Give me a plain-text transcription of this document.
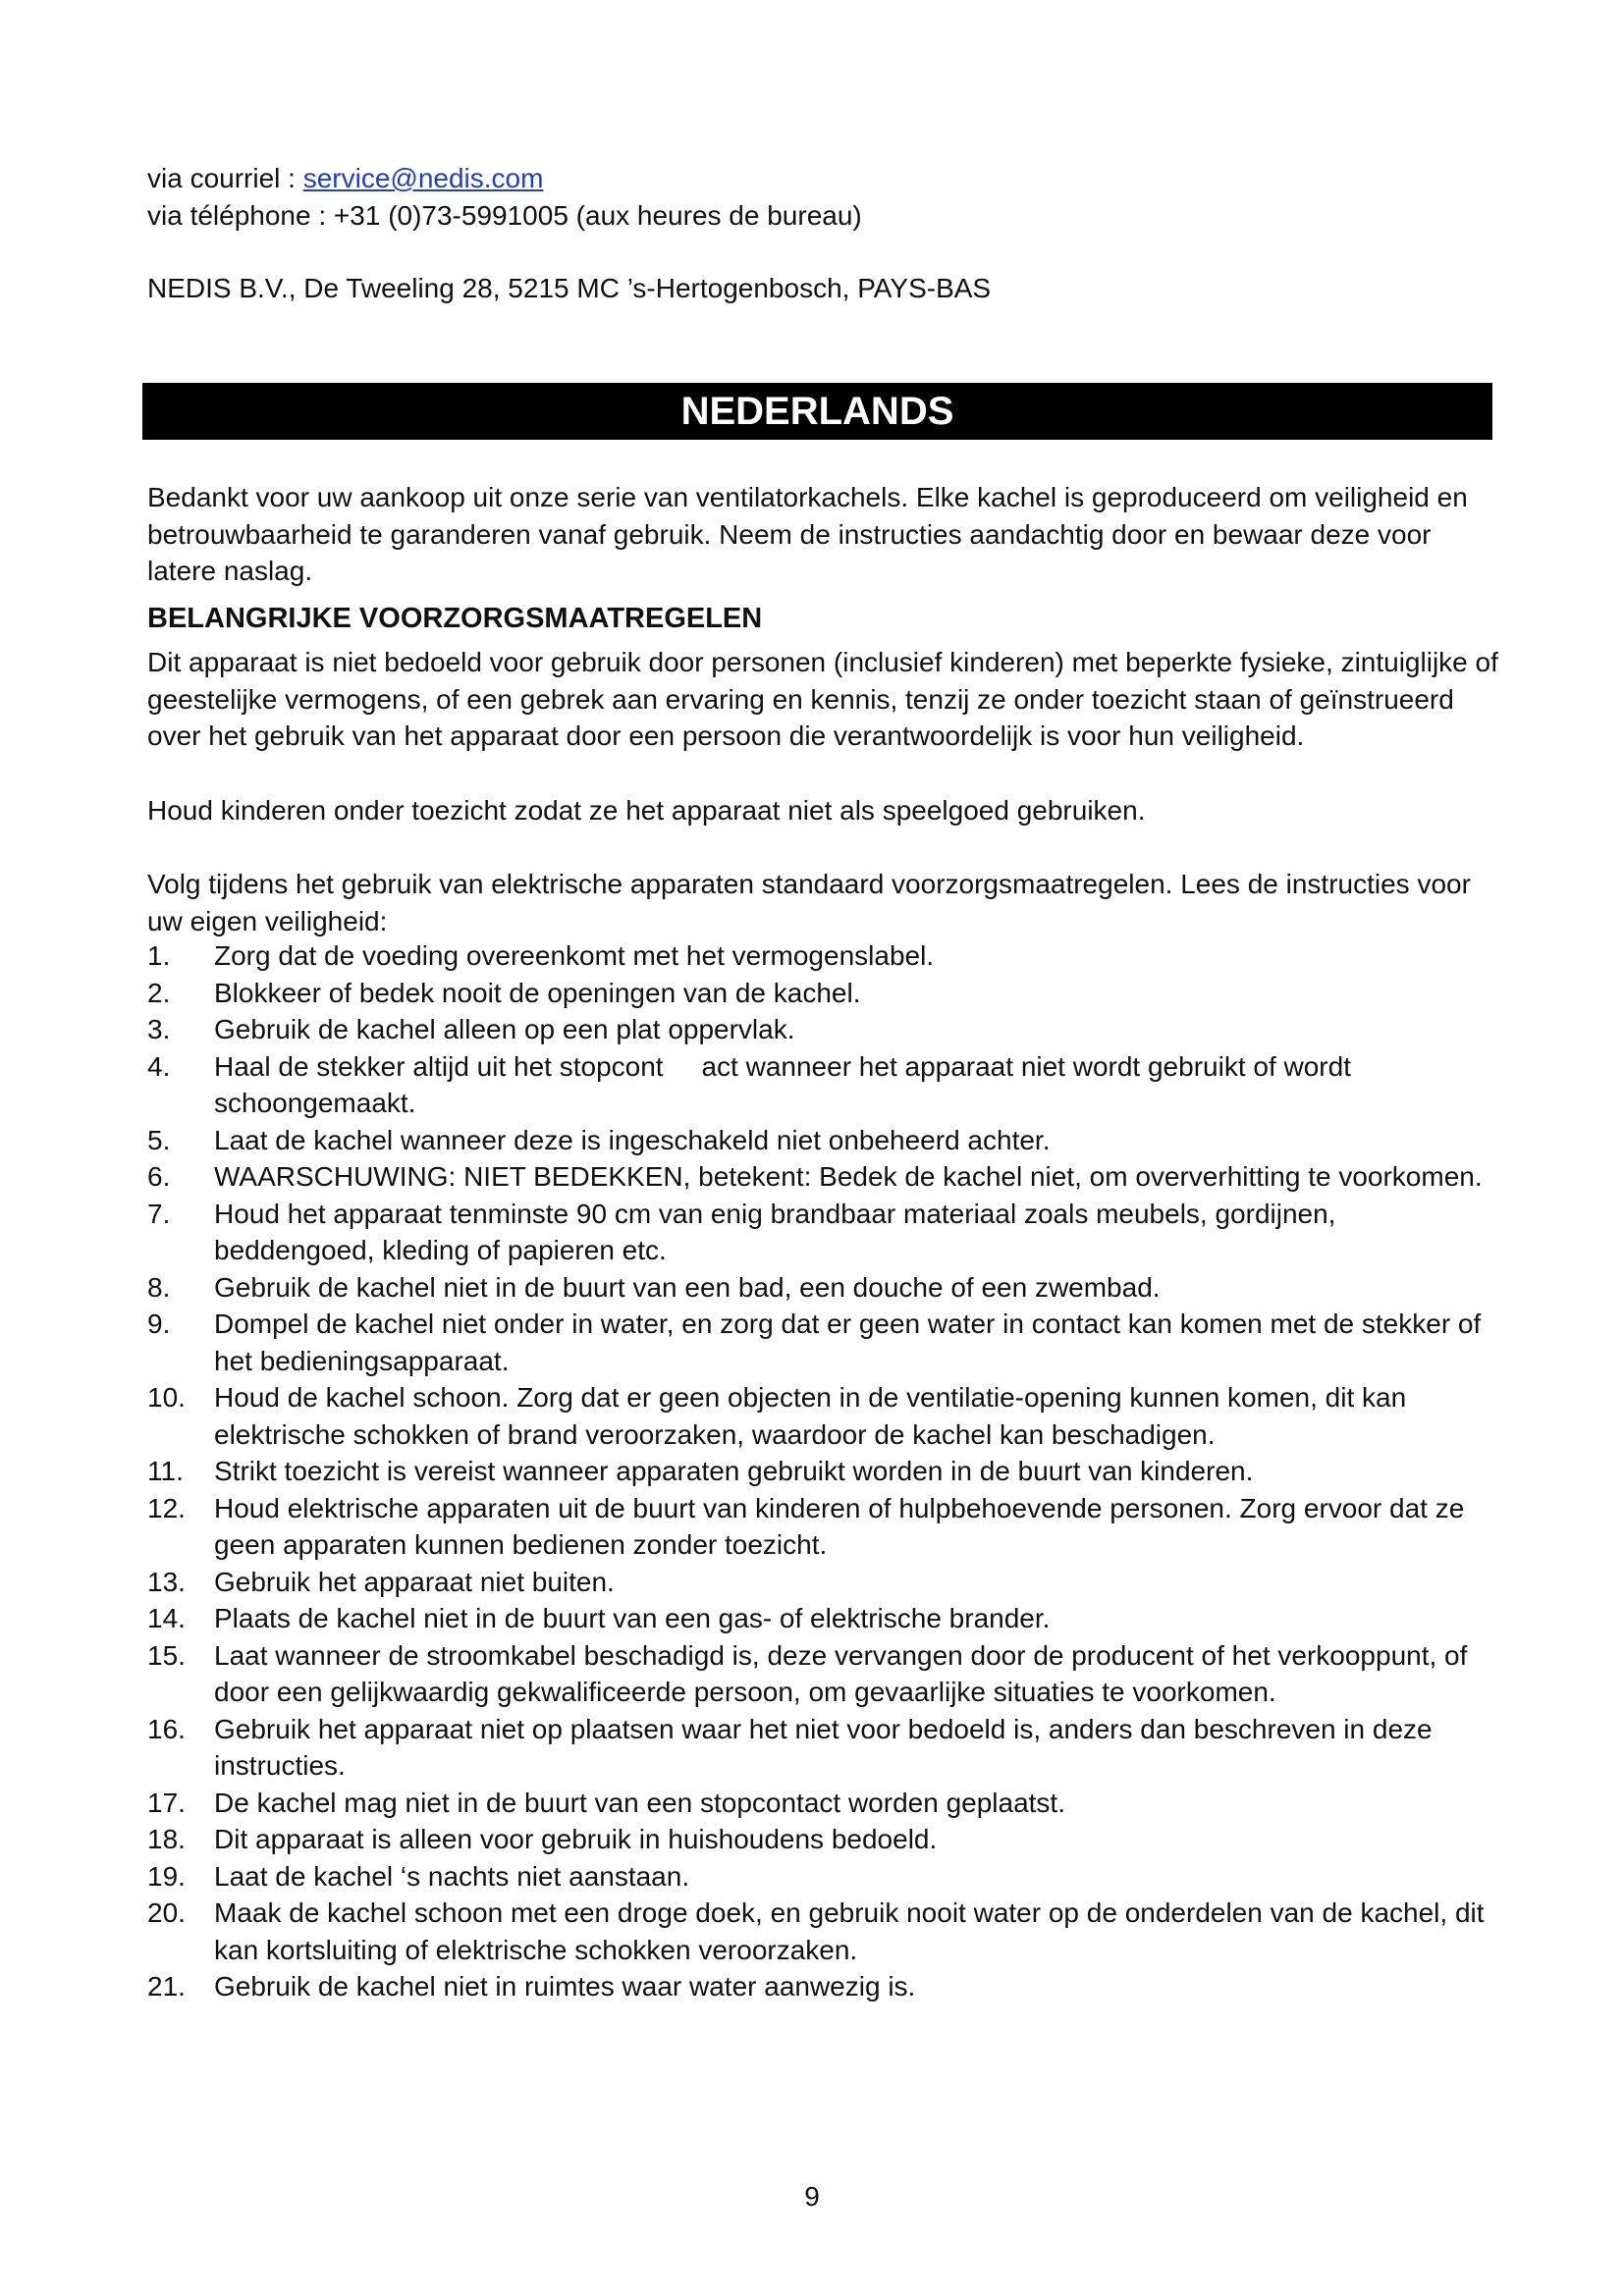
via courriel : service@nedis.com
via téléphone : +31 (0)73-5991005 (aux heures de bureau)
NEDIS B.V., De Tweeling 28, 5215 MC ’s-Hertogenbosch, PAYS-BAS
NEDERLANDS
Bedankt voor uw aankoop uit onze serie van ventilatorkachels. Elke kachel is geproduceerd om veiligheid en betrouwbaarheid te garanderen vanaf gebruik. Neem de instructies aandachtig door en bewaar deze voor latere naslag.
BELANGRIJKE VOORZORGSMAATREGELEN
Dit apparaat is niet bedoeld voor gebruik door personen (inclusief kinderen) met beperkte fysieke, zintuiglijke of geestelijke vermogens, of een gebrek aan ervaring en kennis, tenzij ze onder toezicht staan of geïnstrueerd over het gebruik van het apparaat door een persoon die verantwoordelijk is voor hun veiligheid.
Houd kinderen onder toezicht zodat ze het apparaat niet als speelgoed gebruiken.
Volg tijdens het gebruik van elektrische apparaten standaard voorzorgsmaatregelen. Lees de instructies voor uw eigen veiligheid:
1. Zorg dat de voeding overeenkomt met het vermogenslabel.
2. Blokkeer of bedek nooit de openingen van de kachel.
3. Gebruik de kachel alleen op een plat oppervlak.
4. Haal de stekker altijd uit het stopcont     act wanneer het apparaat niet wordt gebruikt of wordt schoongemaakt.
5. Laat de kachel wanneer deze is ingeschakeld niet onbeheerd achter.
6. WAARSCHUWING: NIET BEDEKKEN, betekent: Bedek de kachel niet, om oververhitting te voorkomen.
7. Houd het apparaat tenminste 90 cm van enig brandbaar materiaal zoals meubels, gordijnen, beddengoed, kleding of papieren etc.
8. Gebruik de kachel niet in de buurt van een bad, een douche of een zwembad.
9. Dompel de kachel niet onder in water, en zorg dat er geen water in contact kan komen met de stekker of het bedieningsapparaat.
10. Houd de kachel schoon. Zorg dat er geen objecten in de ventilatie-opening kunnen komen, dit kan elektrische schokken of brand veroorzaken, waardoor de kachel kan beschadigen.
11. Strikt toezicht is vereist wanneer apparaten gebruikt worden in de buurt van kinderen.
12. Houd elektrische apparaten uit de buurt van kinderen of hulpbehoevende personen. Zorg ervoor dat ze geen apparaten kunnen bedienen zonder toezicht.
13. Gebruik het apparaat niet buiten.
14. Plaats de kachel niet in de buurt van een gas- of elektrische brander.
15. Laat wanneer de stroomkabel beschadigd is, deze vervangen door de producent of het verkooppunt, of door een gelijkwaardig gekwalificeerde persoon, om gevaarlijke situaties te voorkomen.
16. Gebruik het apparaat niet op plaatsen waar het niet voor bedoeld is, anders dan beschreven in deze instructies.
17. De kachel mag niet in de buurt van een stopcontact worden geplaatst.
18. Dit apparaat is alleen voor gebruik in huishoudens bedoeld.
19. Laat de kachel ‘s nachts niet aanstaan.
20. Maak de kachel schoon met een droge doek, en gebruik nooit water op de onderdelen van de kachel, dit kan kortsluiting of elektrische schokken veroorzaken.
21. Gebruik de kachel niet in ruimtes waar water aanwezig is.
9
